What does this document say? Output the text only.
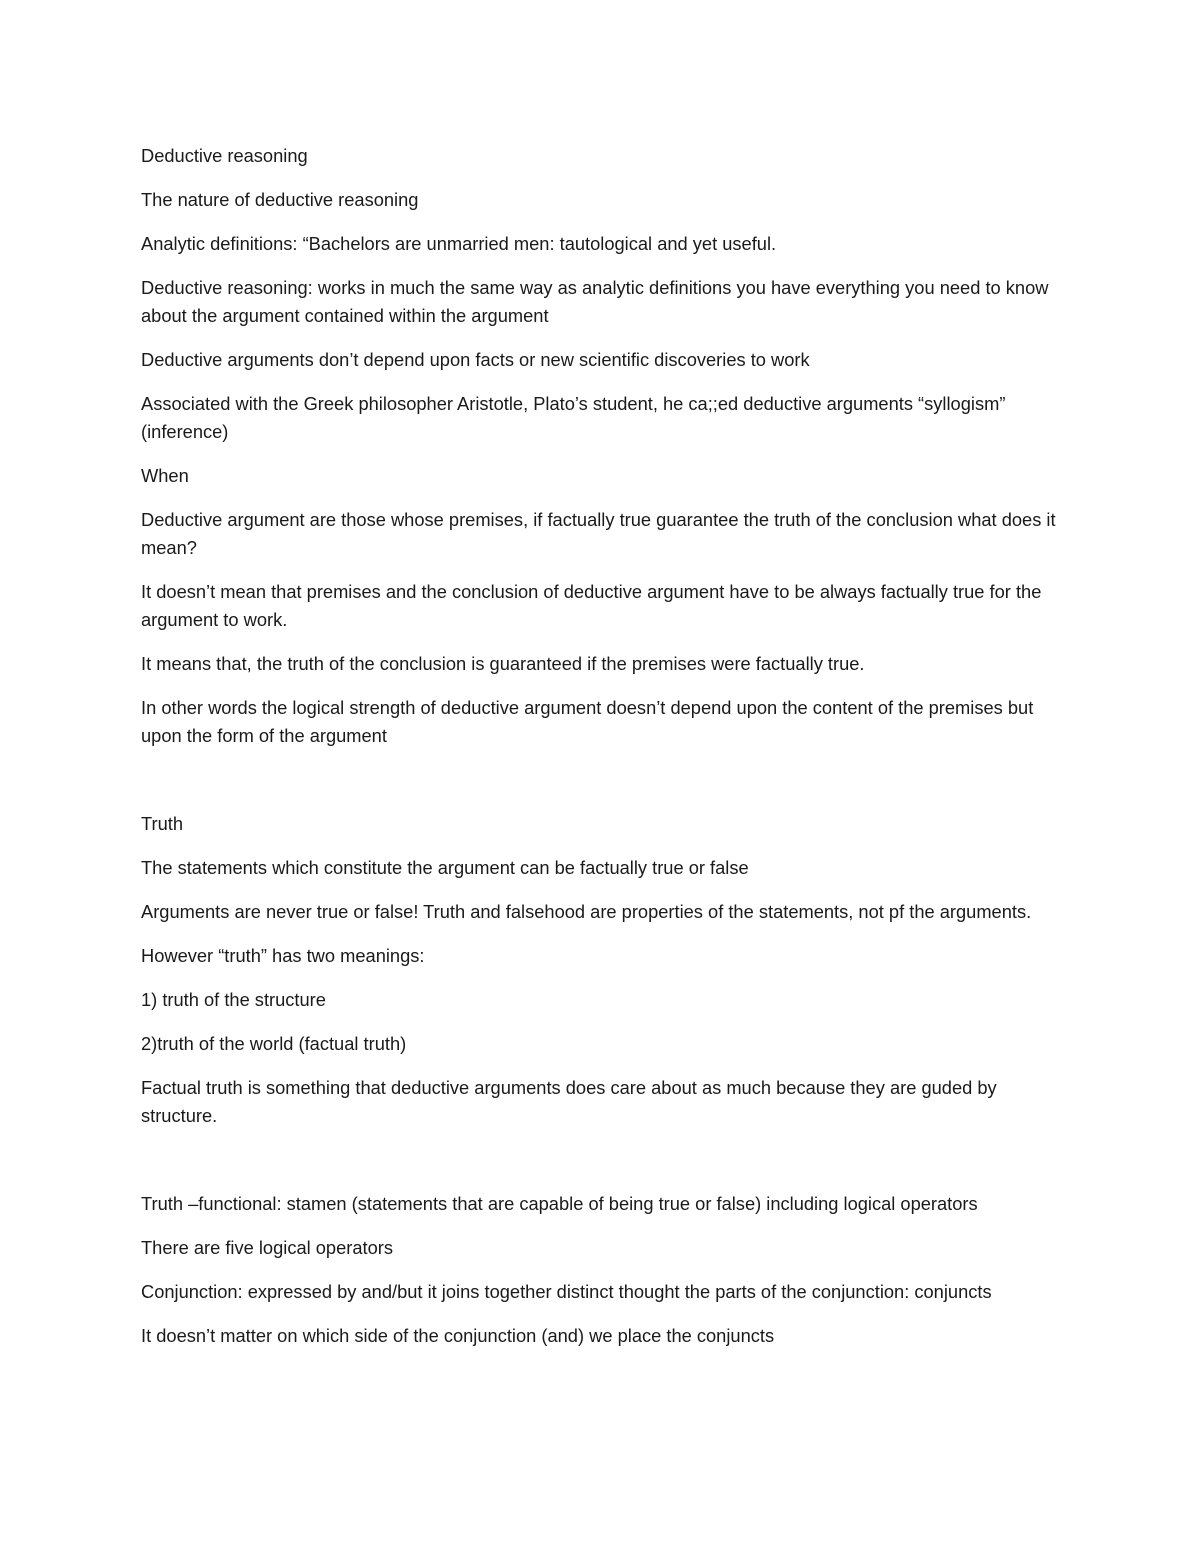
Deductive reasoning

The nature of deductive reasoning

Analytic definitions: “Bachelors are unmarried men: tautological and yet useful.

Deductive reasoning: works in much the same way as analytic definitions you have everything you need to know about the argument contained within the argument

Deductive arguments don’t depend upon facts or new scientific discoveries to work

Associated with the Greek philosopher Aristotle, Plato’s student, he ca;;ed deductive arguments “syllogism” (inference)

When

Deductive argument are those whose premises, if factually true guarantee the truth of the conclusion what does it mean?

It doesn’t mean that premises and the conclusion of deductive argument have to be always factually true for the argument to work.

It means that, the truth of the conclusion is guaranteed if the premises were factually true.

In other words the logical strength of deductive argument doesn’t depend upon the content of the premises but upon the form of the argument

Truth

The statements which constitute the argument can be factually true or false

Arguments are never true or false! Truth and falsehood are properties of the statements, not pf the arguments.

However “truth” has two meanings:

1) truth of the structure

2)truth of the world (factual truth)

Factual truth is something that deductive arguments does care about as much because they are guded by structure.

Truth –functional: stamen (statements that are capable of being true or false) including logical operators

There are five logical operators

Conjunction: expressed by and/but it joins together distinct thought the parts of the conjunction: conjuncts

It doesn’t matter on which side of the conjunction (and) we place the conjuncts
